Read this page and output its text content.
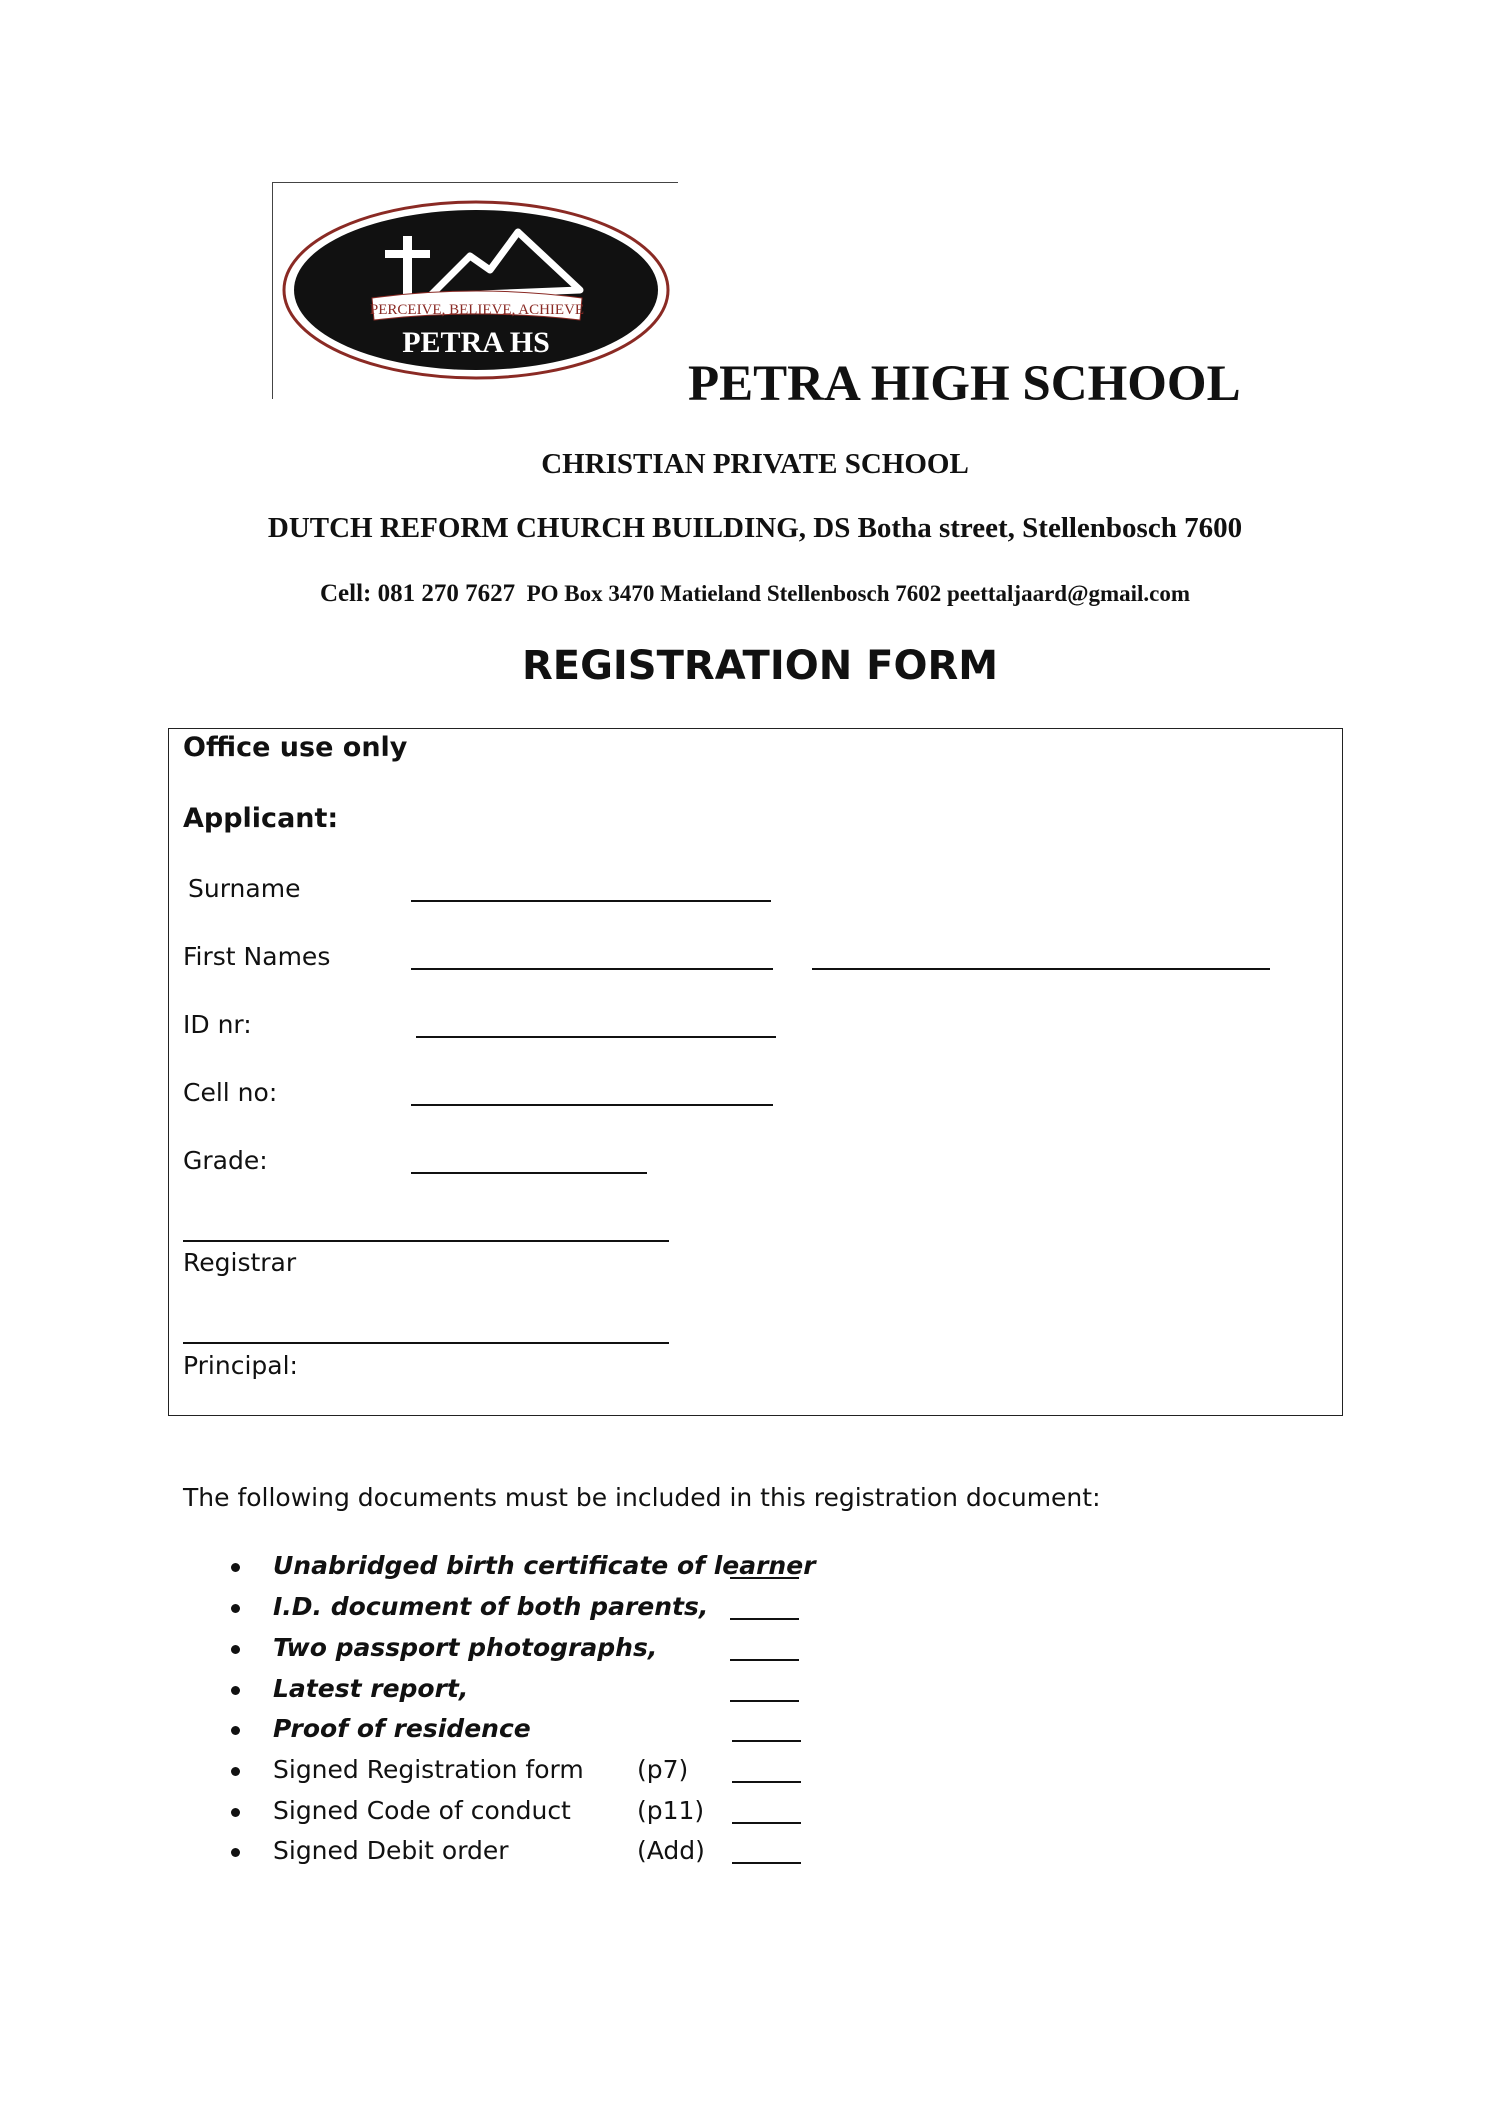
PERCEIVE, BELIEVE, ACHIEVE
PETRA HS
PETRA HIGH SCHOOL
CHRISTIAN PRIVATE SCHOOL
DUTCH REFORM CHURCH BUILDING, DS Botha street, Stellenbosch 7600
Cell: 081 270 7627 PO Box 3470 Matieland Stellenbosch 7602 peettaljaard@gmail.com
REGISTRATION FORM
Office use only
Applicant:
Surname
First Names
ID nr:
Cell no:
Grade:
Registrar
Principal:
The following documents must be included in this registration document:
Unabridged birth certificate of learner
I.D. document of both parents,
Two passport photographs,
Latest report,
Proof of residence
Signed Registration form (p7)
Signed Code of conduct	(p11)
Signed Debit order	(Add)
